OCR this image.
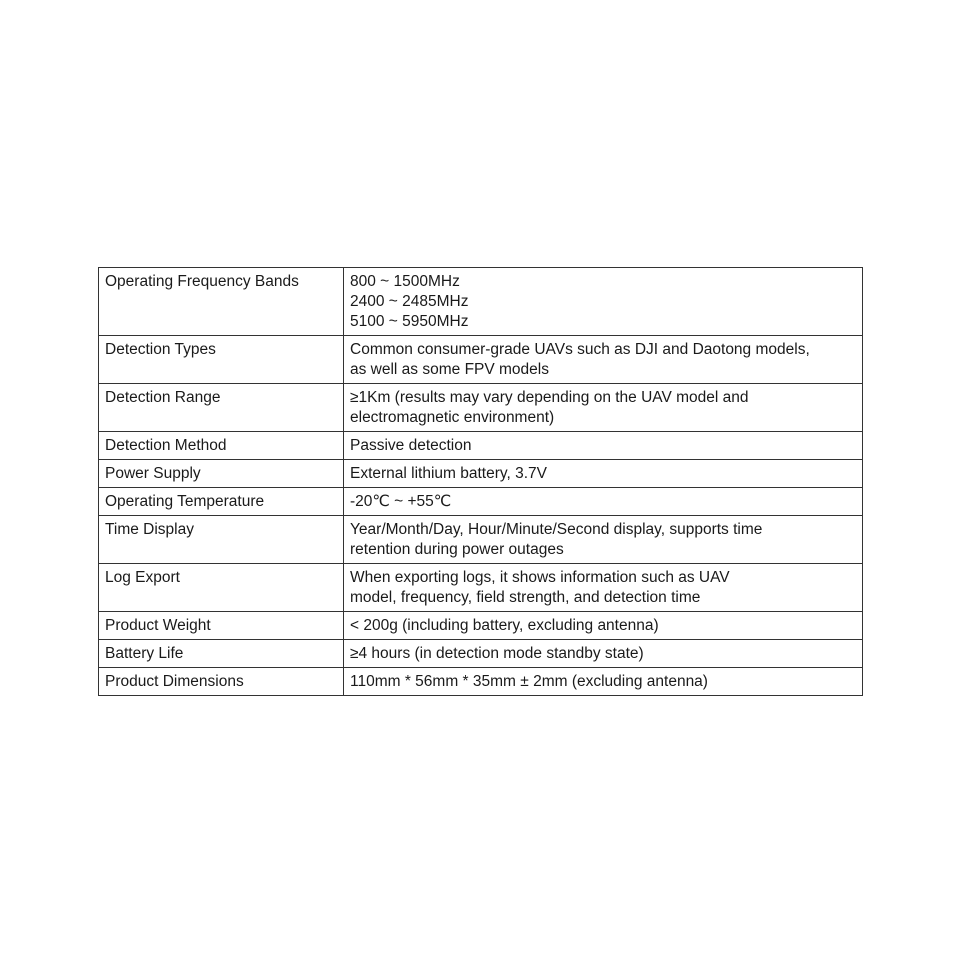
Operating Frequency Bands	800 ~ 1500MHz
2400 ~ 2485MHz
5100 ~ 5950MHz

Detection Types	Common consumer-grade UAVs such as DJI and Daotong models,
as well as some FPV models

Detection Range	≥1Km (results may vary depending on the UAV model and
electromagnetic environment)

Detection Method	Passive detection

Power Supply	External lithium battery, 3.7V

Operating Temperature	-20℃ ~ +55℃

Time Display	Year/Month/Day, Hour/Minute/Second display, supports time
retention during power outages

Log Export	When exporting logs, it shows information such as UAV
model, frequency, field strength, and detection time

Product Weight	< 200g (including battery, excluding antenna)

Battery Life	≥4 hours (in detection mode standby state)

Product Dimensions	110mm * 56mm * 35mm ± 2mm (excluding antenna)
